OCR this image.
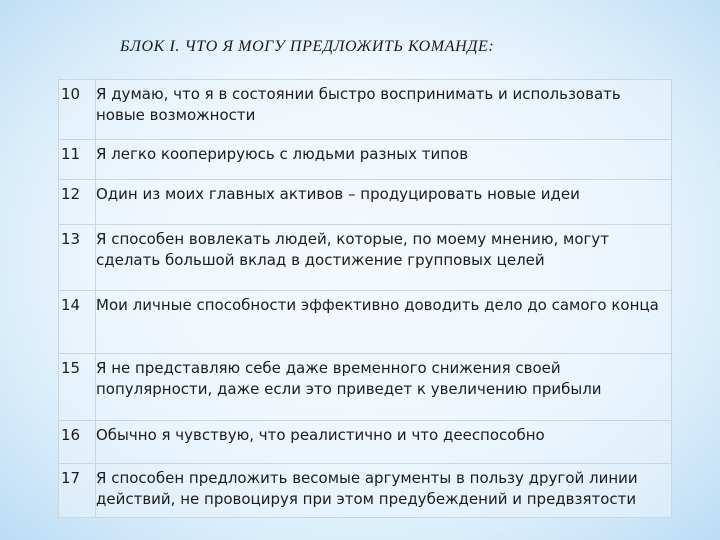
БЛОК I. ЧТО Я МОГУ ПРЕДЛОЖИТЬ КОМАНДЕ:
10	Я думаю, что я в состоянии быстро воспринимать и использовать новые возможности
11	Я легко кооперируюсь с людьми разных типов
12	Один из моих главных активов – продуцировать новые идеи
13	Я способен вовлекать людей, которые, по моему мнению, могут сделать большой вклад в достижение групповых целей
14	Мои личные способности эффективно доводить дело до самого конца
15	Я не представляю себе даже временного снижения своей популярности, даже если это приведет к увеличению прибыли
16	Обычно я чувствую, что реалистично и что дееспособно
17	Я способен предложить весомые аргументы в пользу другой линии действий, не провоцируя при этом предубеждений и предвзятости
